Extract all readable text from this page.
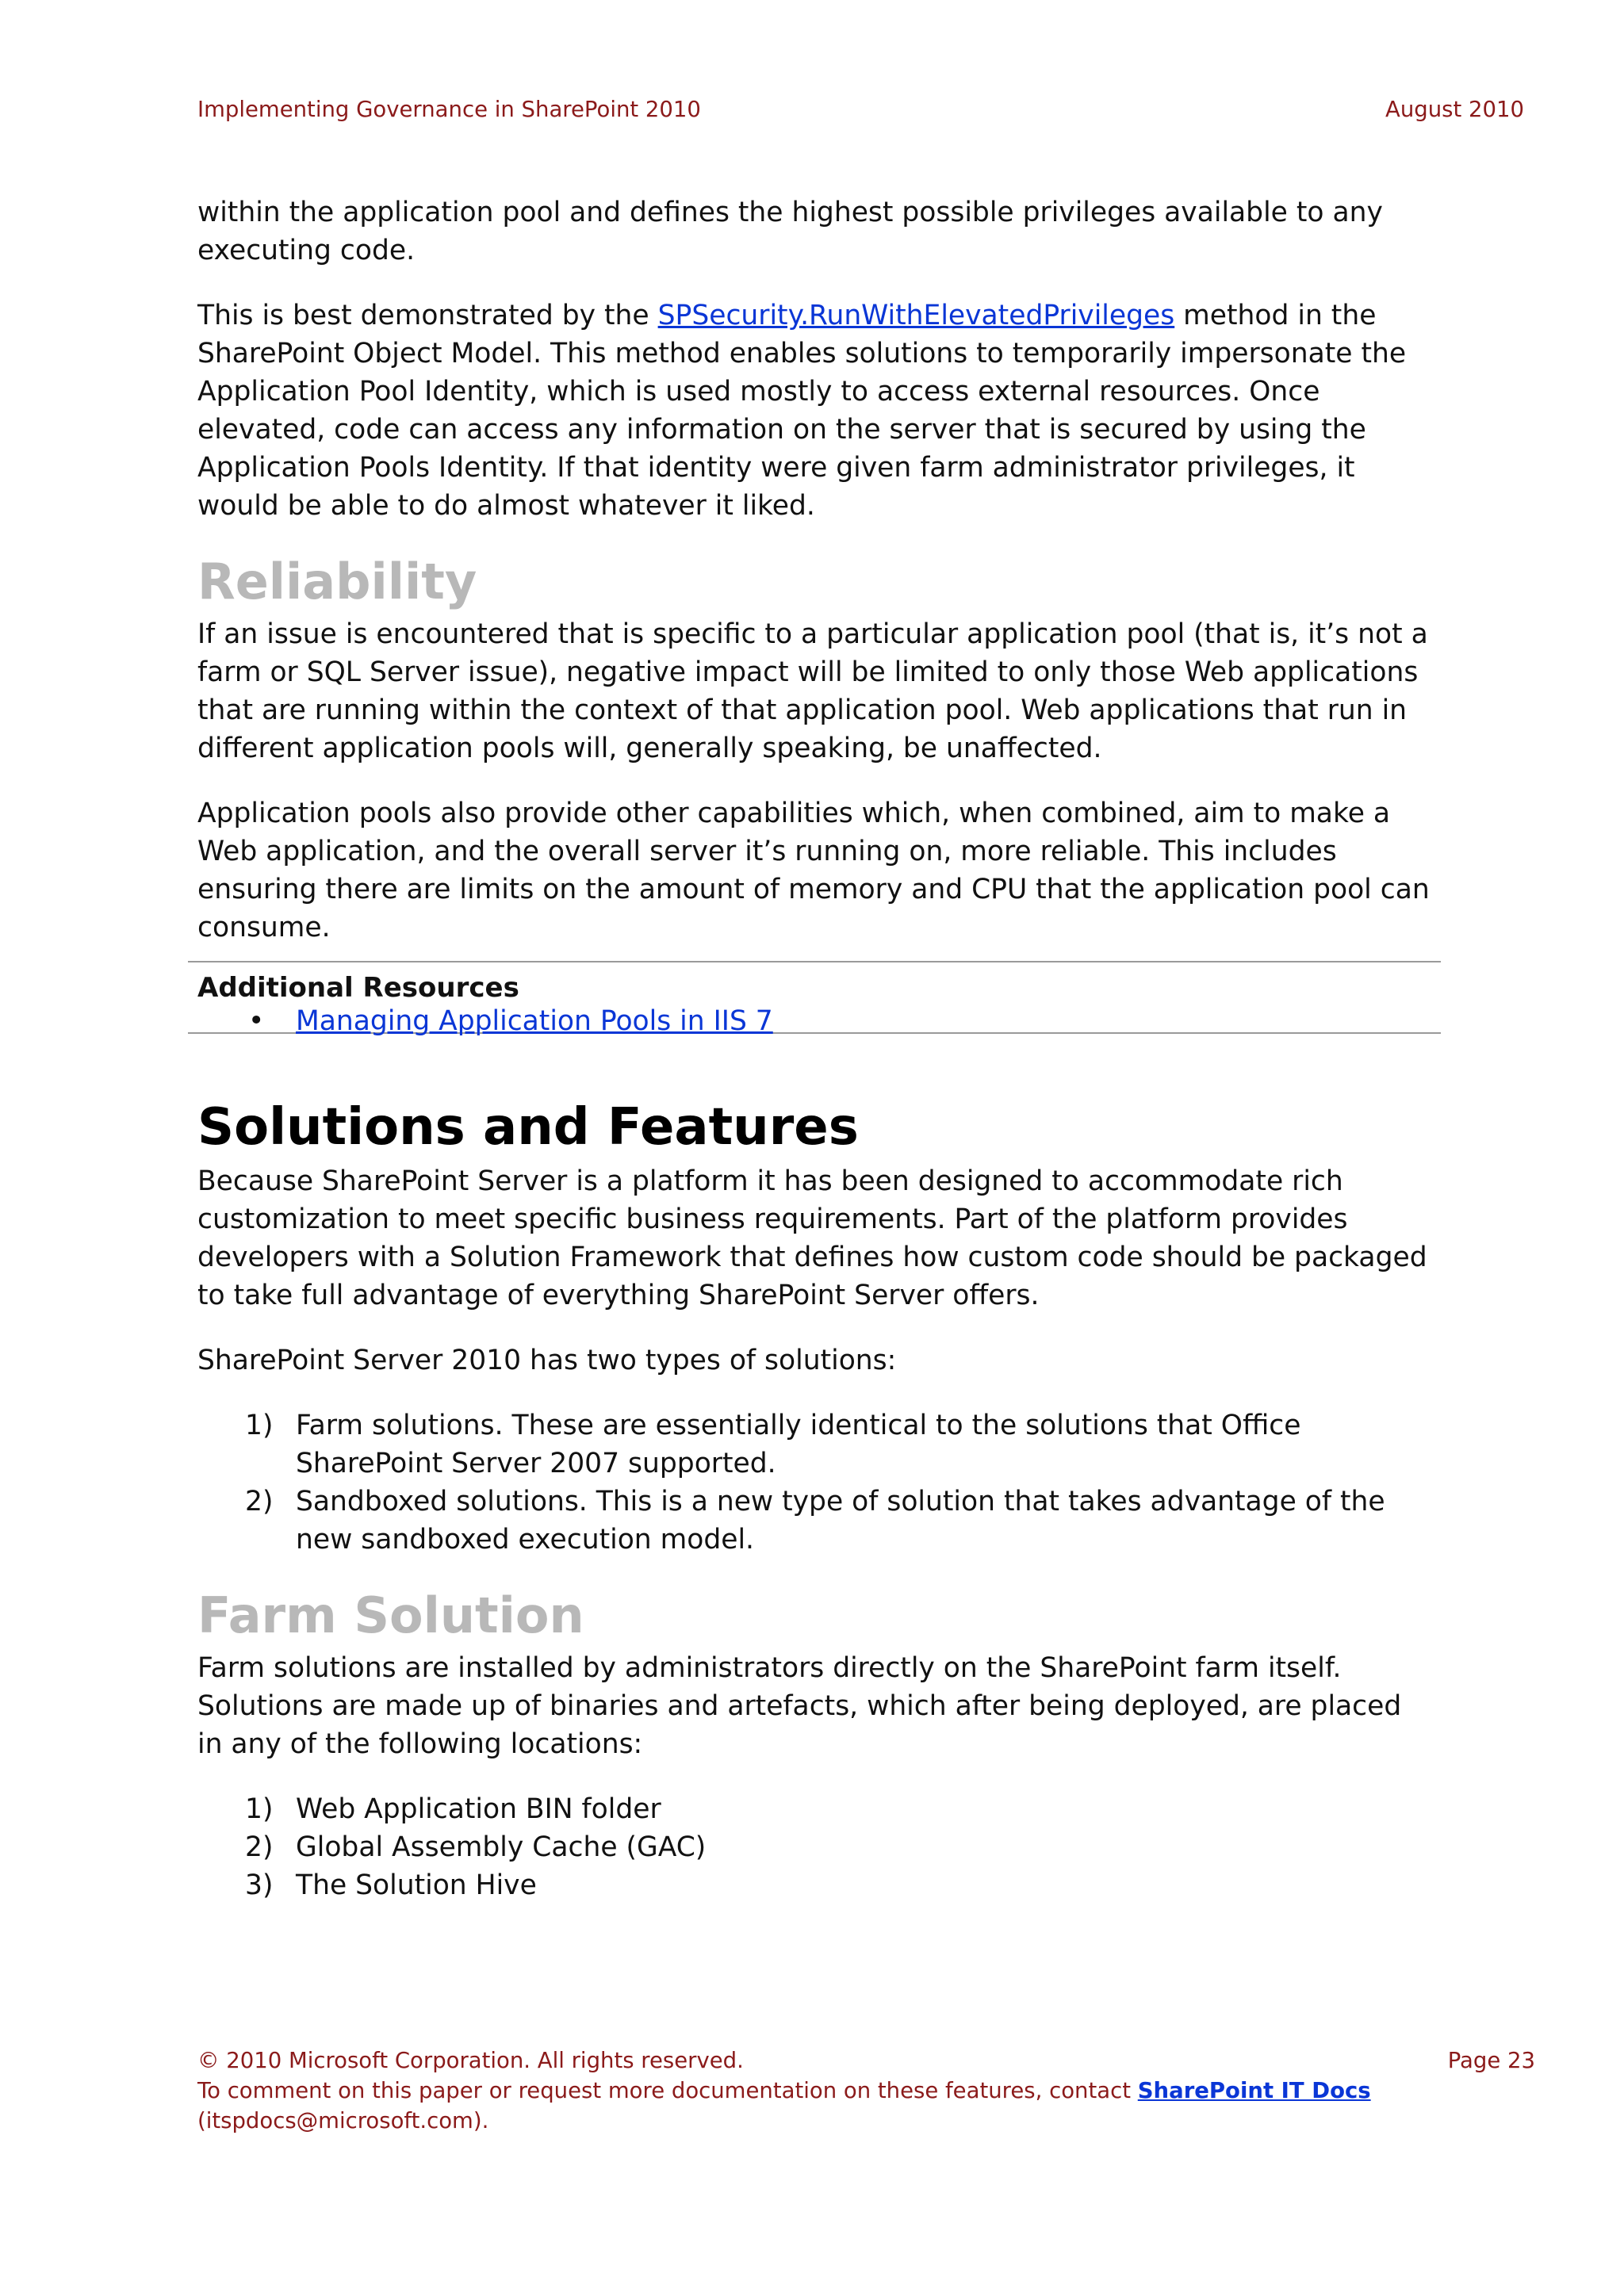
Implementing Governance in SharePoint 2010	August 2010

within the application pool and defines the highest possible privileges available to any executing code.

This is best demonstrated by the SPSecurity.RunWithElevatedPrivileges method in the SharePoint Object Model. This method enables solutions to temporarily impersonate the Application Pool Identity, which is used mostly to access external resources. Once elevated, code can access any information on the server that is secured by using the Application Pools Identity. If that identity were given farm administrator privileges, it would be able to do almost whatever it liked.

Reliability

If an issue is encountered that is specific to a particular application pool (that is, it’s not a farm or SQL Server issue), negative impact will be limited to only those Web applications that are running within the context of that application pool. Web applications that run in different application pools will, generally speaking, be unaffected.

Application pools also provide other capabilities which, when combined, aim to make a Web application, and the overall server it’s running on, more reliable. This includes ensuring there are limits on the amount of memory and CPU that the application pool can consume.

Additional Resources
• Managing Application Pools in IIS 7
Solutions and Features

Because SharePoint Server is a platform it has been designed to accommodate rich customization to meet specific business requirements. Part of the platform provides developers with a Solution Framework that defines how custom code should be packaged to take full advantage of everything SharePoint Server offers.

SharePoint Server 2010 has two types of solutions:

1) Farm solutions. These are essentially identical to the solutions that Office SharePoint Server 2007 supported.
2) Sandboxed solutions. This is a new type of solution that takes advantage of the new sandboxed execution model.
Farm Solution

Farm solutions are installed by administrators directly on the SharePoint farm itself. Solutions are made up of binaries and artefacts, which after being deployed, are placed in any of the following locations:

1) Web Application BIN folder
2) Global Assembly Cache (GAC)
3) The Solution Hive
© 2010 Microsoft Corporation. All rights reserved.	Page 23
To comment on this paper or request more documentation on these features, contact SharePoint IT Docs
(itspdocs@microsoft.com).
